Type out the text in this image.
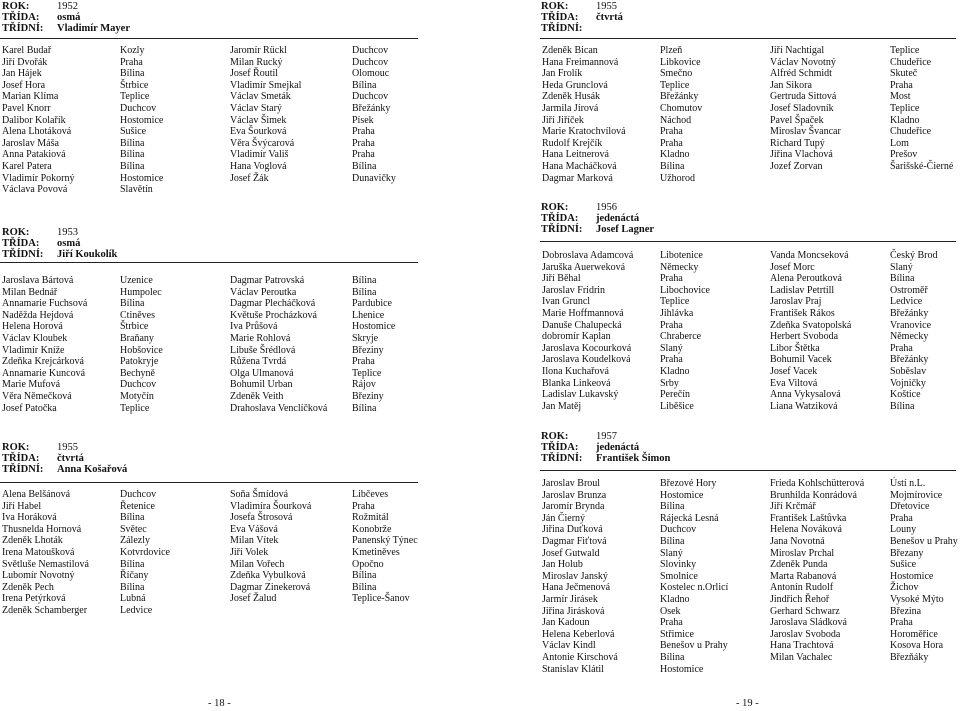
ROK:	1952
TŘÍDA:	osmá
TŘÍDNÍ:	Vladimír Mayer
Karel Budař	Kozly	Jaromír Rückl	Duchcov
Jiří Dvořák	Praha	Milan Rucký	Duchcov
Jan Hájek	Bílina	Josef Řoutil	Olomouc
Josef Hora	Štrbice	Vladimír Smejkal	Bílina
Marian Klíma	Teplice	Václav Smeták	Duchcov
Pavel Knorr	Duchcov	Václav Starý	Břežánky
Dalibor Kolařík	Hostomice	Václav Šimek	Písek
Alena Lhotáková	Sušice	Eva Šourková	Praha
Jaroslav Máša	Bílina	Věra Švýcarová	Praha
Anna Patakiová	Bílina	Vladimír Vališ	Praha
Karel Patera	Bílina	Hana Voglová	Bílina
Vladimír Pokorný	Hostomice	Josef Žák	Dunavičky
Václava Povová	Slavětín
ROK:	1953
TŘÍDA:	osmá
TŘÍDNÍ:	Jiří Koukolík
Jaroslava Bártová	Uzenice	Dagmar Patrovská	Bílina
Milan Bednář	Humpolec	Václav Peroutka	Bílina
Annamarie Fuchsová	Bílina	Dagmar Plecháčková	Pardubice
Naděžda Hejdová	Ctiněves	Květuše Procházková	Lhenice
Helena Horová	Štrbice	Iva Průšová	Hostomice
Václav Kloubek	Braňany	Marie Rohlová	Skryje
Vladimír Kníže	Hobšovice	Libuše Šrédlová	Březiny
Zdeňka Krejcárková	Patokryje	Růžena Tvrdá	Praha
Annamarie Kuncová	Bechyně	Olga Ulmanová	Teplice
Marie Mufová	Duchcov	Bohumil Urban	Rájov
Věra Němečková	Motyčín	Zdeněk Veith	Březiny
Josef Patočka	Teplice	Drahoslava Venclíčková Bílina
ROK:	1955
TŘÍDA:	čtvrtá
TŘÍDNÍ:	Anna Košařová
Alena Belšánová	Duchcov	Soňa Šmídová	Libčeves
Jiří Habel	Řetenice	Vladimíra Šourková	Praha
Iva Horáková	Bílina	Josefa Štrosová	Rožmitál
Thusnelda Hornová	Světec	Eva Vášová	Konobrže
Zdeněk Lhoták	Zálezly	Milan Vítek	Panenský Týnec
Irena Matoušková	Kotvrdovice	Jiří Volek	Kmetiněves
Světluše Nemastilová	Bílina	Milan Vořech	Opočno
Lubomír Novotný	Říčany	Zdeňka Vybulková	Bílina
Zdeněk Pech	Bílina	Dagmar Zinekerová	Bílina
Irena Petýrková	Lubná	Josef Žalud	Teplice-Šanov
Zdeněk Schamberger	Ledvice
- 18 -
ROK:	1955
TŘÍDA:	čtvrtá
TŘÍDNÍ:
Zdeněk Bican	Plzeň	Jiří Nachtigal	Teplice
Hana Freimannová	Libkovice	Václav Novotný	Chudeřice
Jan Frolík	Smečno	Alfréd Schmidt	Skuteč
Heda Grunclová	Teplice	Jan Sikora	Praha
Zdeněk Husák	Břežánky	Gertruda Sittová	Most
Jarmila Jírová	Chomutov	Josef Sladovník	Teplice
Jiří Jiříček	Náchod	Pavel Špaček	Kladno
Marie Kratochvílová	Praha	Miroslav Švancar	Chudeřice
Rudolf Krejčík	Praha	Richard Tupý	Lom
Hana Leitnerová	Kladno	Jiřina Vlachová	Prešov
Hana Macháčková	Bílina	Jozef Zorvan	Šarišské-Čierné
Dagmar Marková	Užhorod
ROK:	1956
TŘÍDA:	jedenáctá
TŘÍDNÍ:	Josef Lagner
Dobroslava Adamcová	Libotenice	Vanda Moncseková	Český Brod
Jaruška Auerweková	Německy	Josef Morc	Slaný
Jiří Běhal	Praha	Alena Peroutková	Bílina
Jaroslav Fridrin	Libochovice	Ladislav Petrtill	Ostroměř
Ivan Gruncl	Teplice	Jaroslav Praj	Ledvice
Marie Hoffmannová	Jihlávka	František Rákos	Břežánky
Danuše Chalupecká	Praha	Zdeňka Svatopolská	Vranovice
dobromír Kaplan	Chraberce	Herbert Svoboda	Německy
Jaroslava Kocourková	Slaný	Libor Štětka	Praha
Jaroslava Koudelková	Praha	Bohumil Vacek	Břežánky
Ilona Kuchařová	Kladno	Josef Vacek	Soběslav
Blanka Linkeová	Srby	Eva Viltová	Vojničky
Ladislav Lukavský	Perečín	Anna Vykysalová	Koštice
Jan Matěj	Liběšice	Liana Watziková	Bílina
ROK:	1957
TŘÍDA:	jedenáctá
TŘÍDNÍ:	František Šimon
Jaroslav Broul	Březové Hory	Frieda Kohlschütterová	Ústí n.L.
Jaroslav Brunza	Hostomice	Brunhilda Konrádová	Mojmírovice
Jaromír Brynda	Bílina	Jiří Krčmář	Dřetovice
Ján Čierný	Rájecká Lesná	František Laštůvka	Praha
Jiřina Duťková	Duchcov	Helena Nováková	Louny
Dagmar Fiťtová	Bílina	Jana Novotná	Benešov u Prahy
Josef Gutwald	Slaný	Miroslav Prchal	Březany
Jan Holub	Slovinky	Zdeněk Punda	Sušice
Miroslav Janský	Smolnice	Marta Rabanová	Hostomice
Hana Ječmenová	Kostelec n.Orlicí	Antonín Rudolf	Žichov
Jarmír Jirásek	Kladno	Jindřich Řehoř	Vysoké Mýto
Jiřina Jirásková	Osek	Gerhard Schwarz	Březina
Jan Kadoun	Praha	Jaroslava Sládková	Praha
Helena Keberlová	Střimice	Jaroslav Svoboda	Horoměřice
Václav Kindl	Benešov u Prahy	Hana Trachtová	Kosova Hora
Antonie Kirschová	Bílina	Milan Vachalec	Březňáky
Stanislav Klátil	Hostomice
- 19 -
